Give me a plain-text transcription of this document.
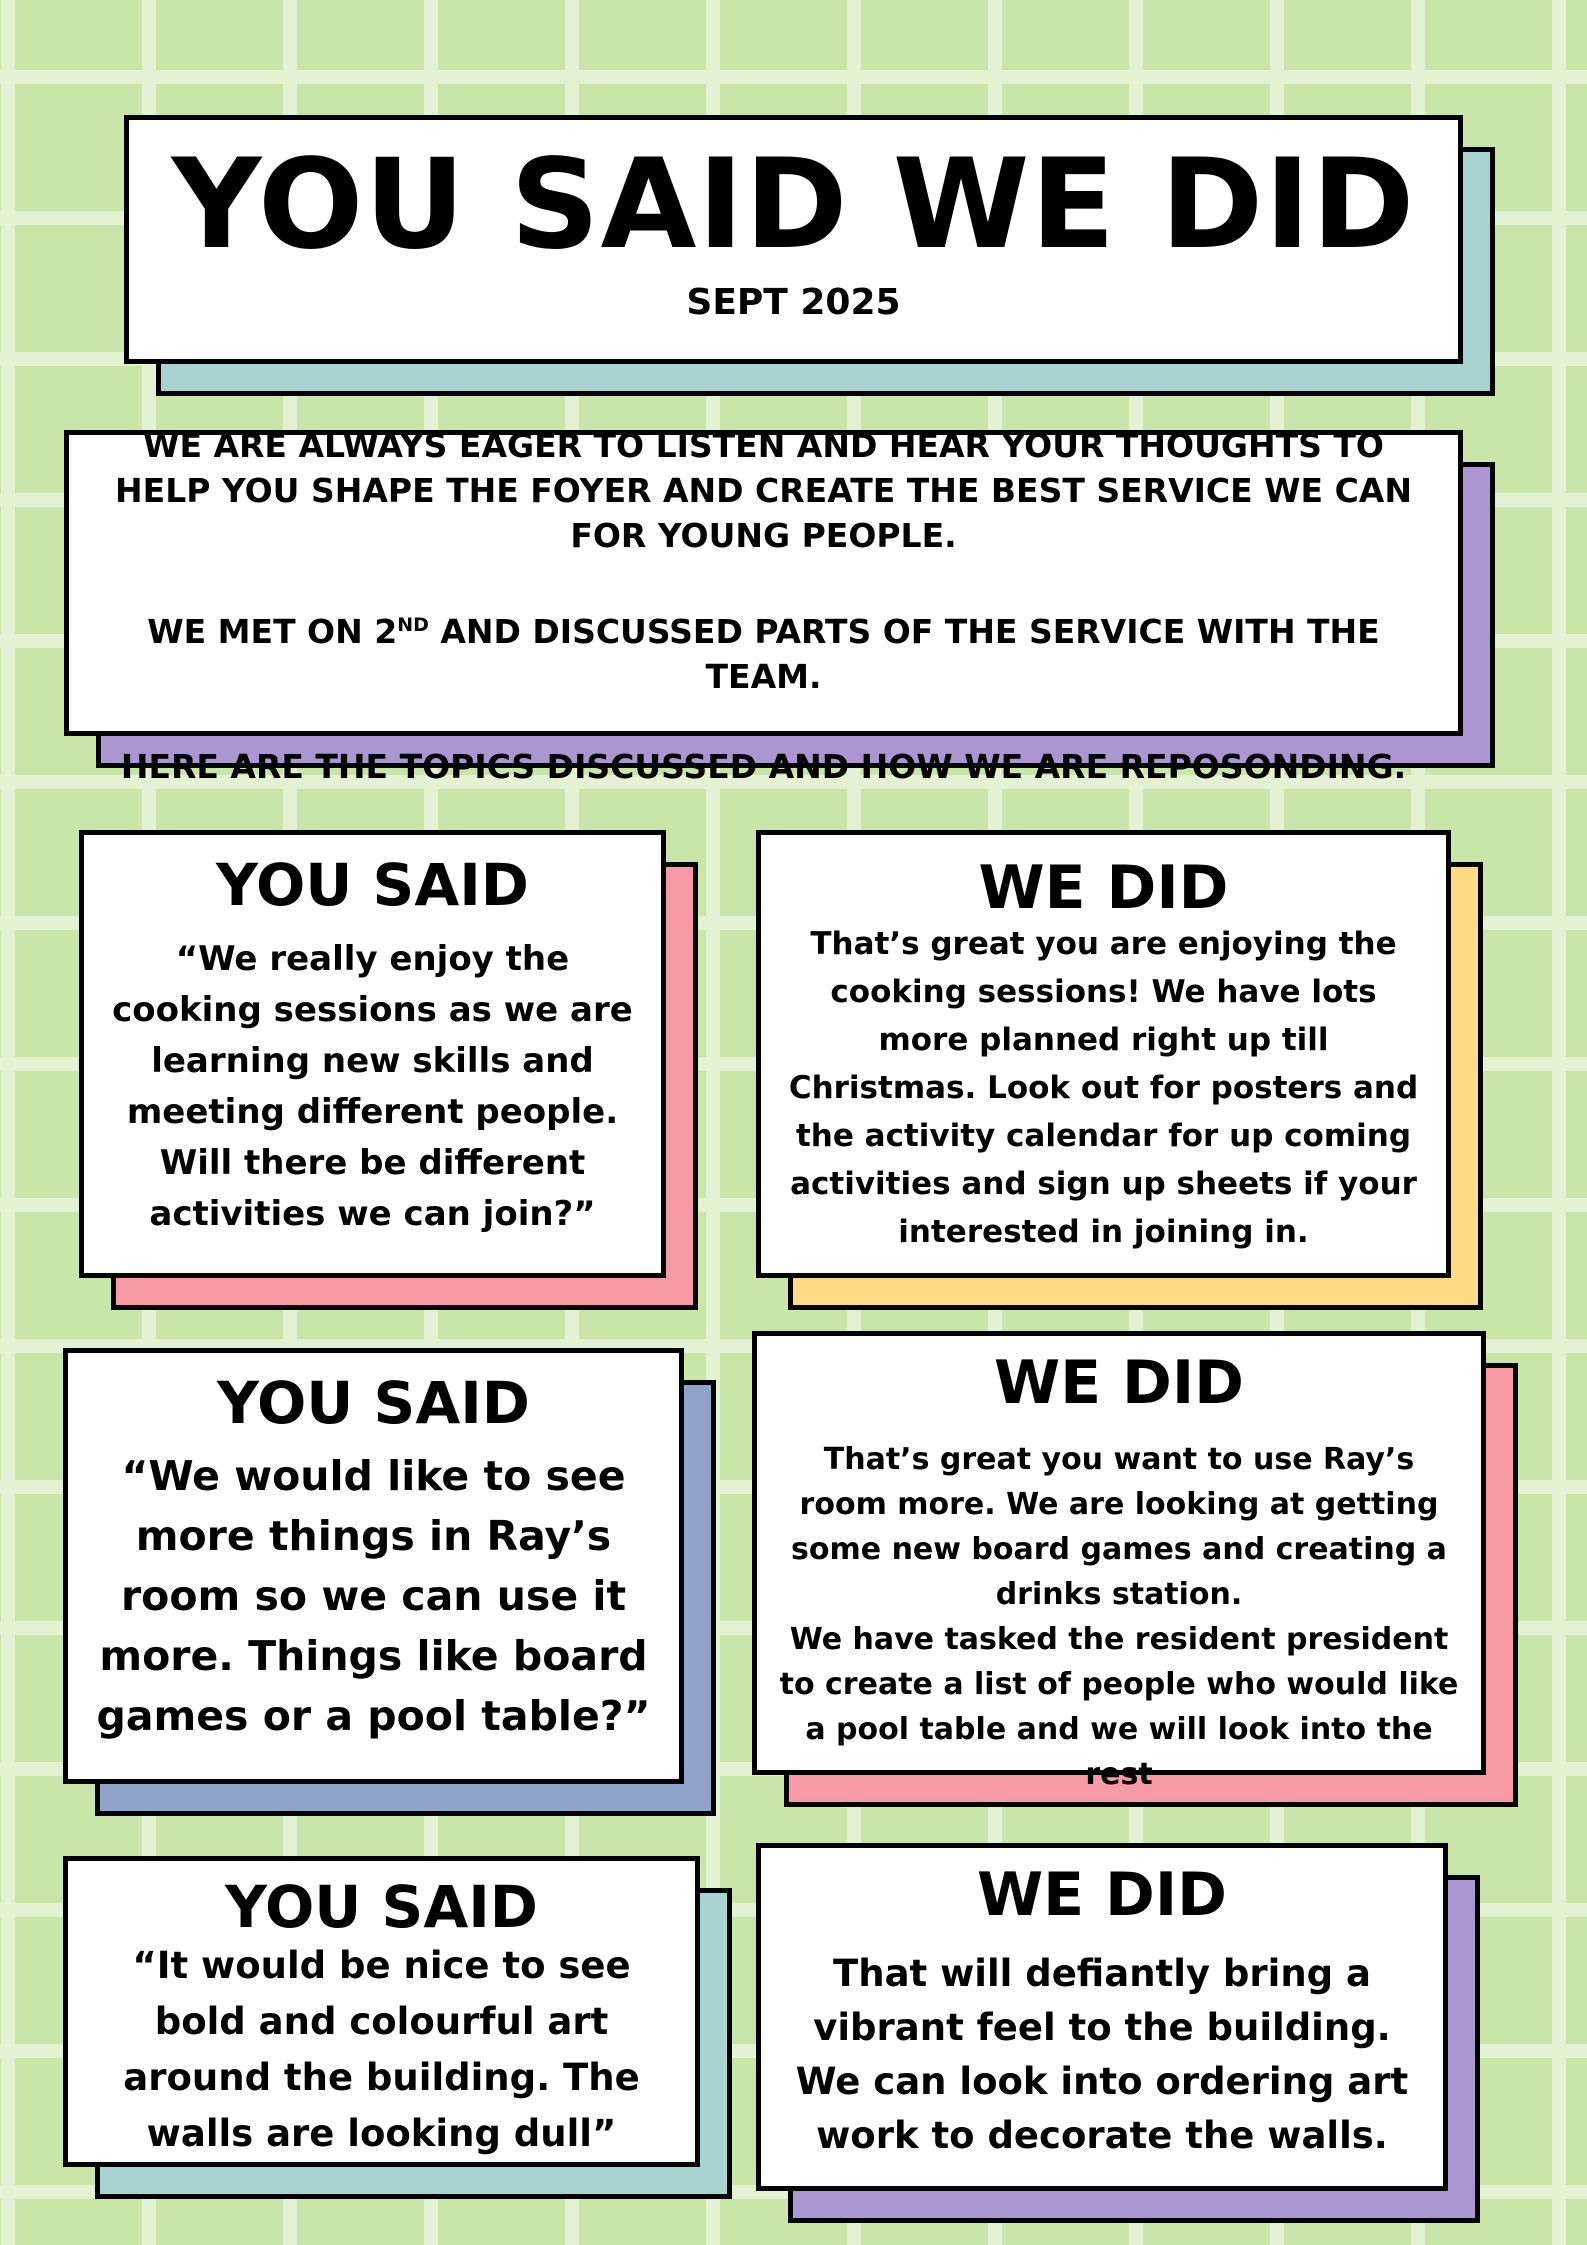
YOU SAID WE DID
SEPT 2025

WE ARE ALWAYS EAGER TO LISTEN AND HEAR YOUR THOUGHTS TO HELP YOU SHAPE THE FOYER AND CREATE THE BEST SERVICE WE CAN FOR YOUNG PEOPLE.

WE MET ON 2ND AND DISCUSSED PARTS OF THE SERVICE WITH THE TEAM.

HERE ARE THE TOPICS DISCUSSED AND HOW WE ARE REPOSONDING.

YOU SAID
“We really enjoy the cooking sessions as we are learning new skills and meeting different people. Will there be different activities we can join?”
WE DID
That’s great you are enjoying the cooking sessions! We have lots more planned right up till Christmas. Look out for posters and the activity calendar for up coming activities and sign up sheets if your interested in joining in.
YOU SAID
“We would like to see more things in Ray’s room so we can use it more. Things like board games or a pool table?”
WE DID
That’s great you want to use Ray’s room more. We are looking at getting some new board games and creating a drinks station.
We have tasked the resident president to create a list of people who would like a pool table and we will look into the rest
YOU SAID
“It would be nice to see bold and colourful art around the building. The walls are looking dull”
WE DID
That will defiantly bring a vibrant feel to the building. We can look into ordering art work to decorate the walls.
